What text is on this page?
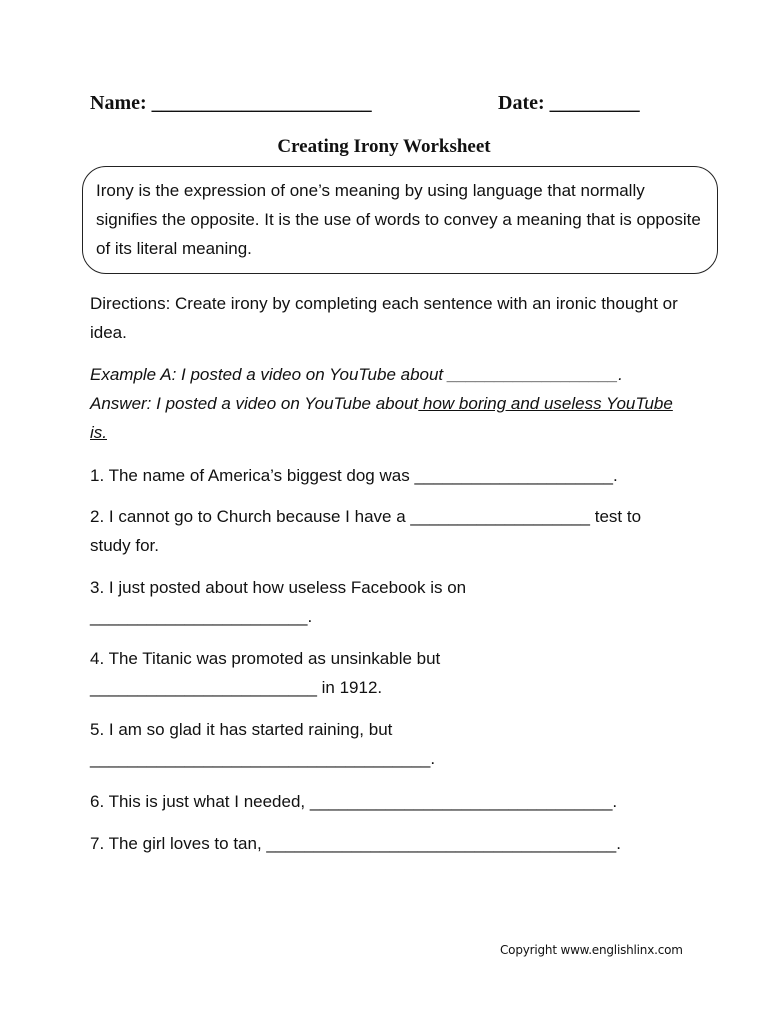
Name: ______________________	Date: _________
Creating Irony Worksheet
Irony is the expression of one’s meaning by using language that normally signifies the opposite. It is the use of words to convey a meaning that is opposite of its literal meaning.

Directions: Create irony by completing each sentence with an ironic thought or idea.

Example A: I posted a video on YouTube about __________________.
Answer: I posted a video on YouTube about how boring and useless YouTube is.

1. The name of America’s biggest dog was _____________________.

2. I cannot go to Church because I have a ___________________ test to study for.

3. I just posted about how useless Facebook is on _______________________.

4. The Titanic was promoted as unsinkable but ________________________ in 1912.

5. I am so glad it has started raining, but ____________________________________.

6. This is just what I needed, ________________________________.

7. The girl loves to tan, _____________________________________.

Copyright www.englishlinx.com
